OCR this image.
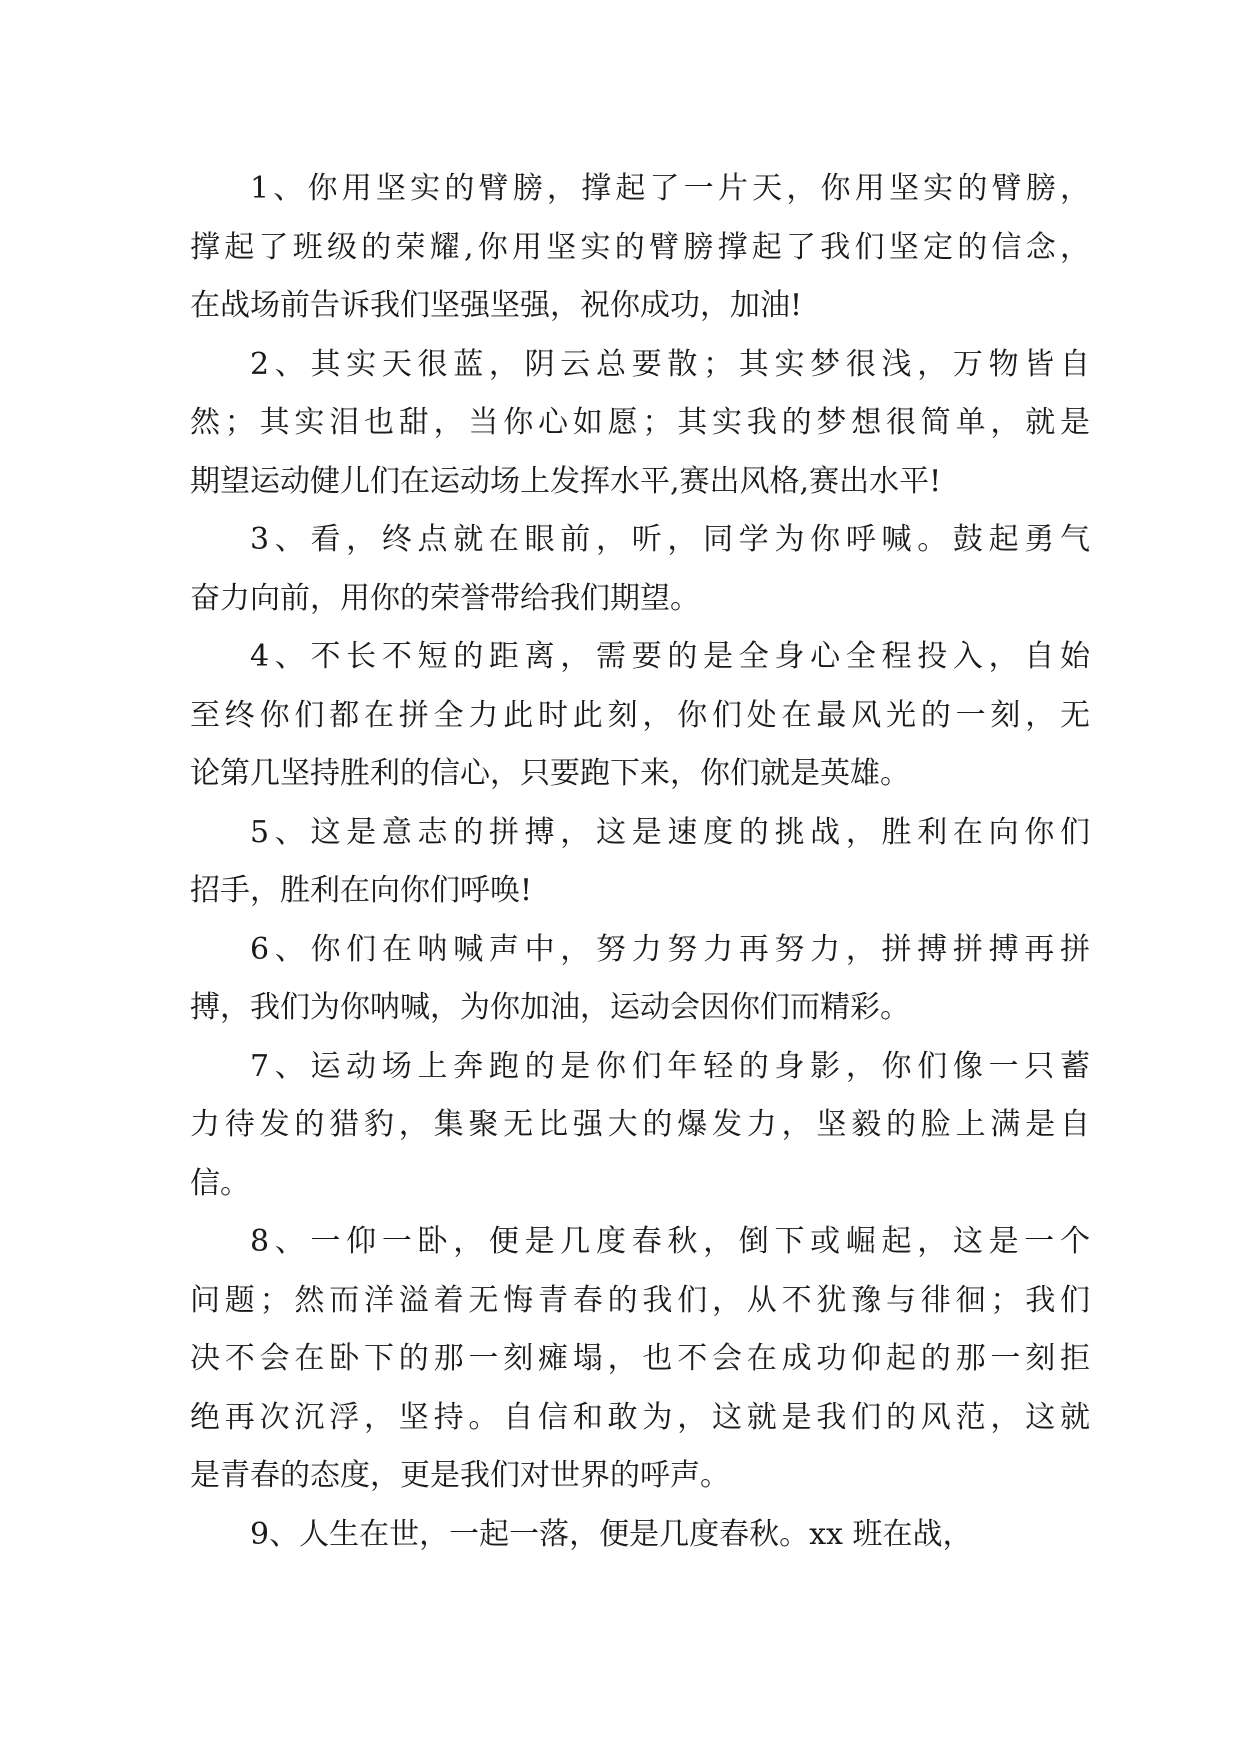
1、你用坚实的臂膀，撑起了一片天，你用坚实的臂膀，
撑起了班级的荣耀,你用坚实的臂膀撑起了我们坚定的信念，
在战场前告诉我们坚强坚强，祝你成功，加油!
2、其实天很蓝，阴云总要散；其实梦很浅，万物皆自
然；其实泪也甜，当你心如愿；其实我的梦想很简单，就是
期望运动健儿们在运动场上发挥水平,赛出风格,赛出水平!
3、看，终点就在眼前，听，同学为你呼喊。鼓起勇气
奋力向前，用你的荣誉带给我们期望。
4、不长不短的距离，需要的是全身心全程投入，自始
至终你们都在拼全力此时此刻，你们处在最风光的一刻，无
论第几坚持胜利的信心，只要跑下来，你们就是英雄。
5、这是意志的拼搏，这是速度的挑战，胜利在向你们
招手，胜利在向你们呼唤!
6、你们在呐喊声中，努力努力再努力，拼搏拼搏再拼
搏，我们为你呐喊，为你加油，运动会因你们而精彩。
7、运动场上奔跑的是你们年轻的身影，你们像一只蓄
力待发的猎豹，集聚无比强大的爆发力，坚毅的脸上满是自
信。
8、一仰一卧，便是几度春秋，倒下或崛起，这是一个
问题；然而洋溢着无悔青春的我们，从不犹豫与徘徊；我们
决不会在卧下的那一刻瘫塌，也不会在成功仰起的那一刻拒
绝再次沉浮，坚持。自信和敢为，这就是我们的风范，这就
是青春的态度，更是我们对世界的呼声。
9、人生在世，一起一落，便是几度春秋。xx 班在战，
